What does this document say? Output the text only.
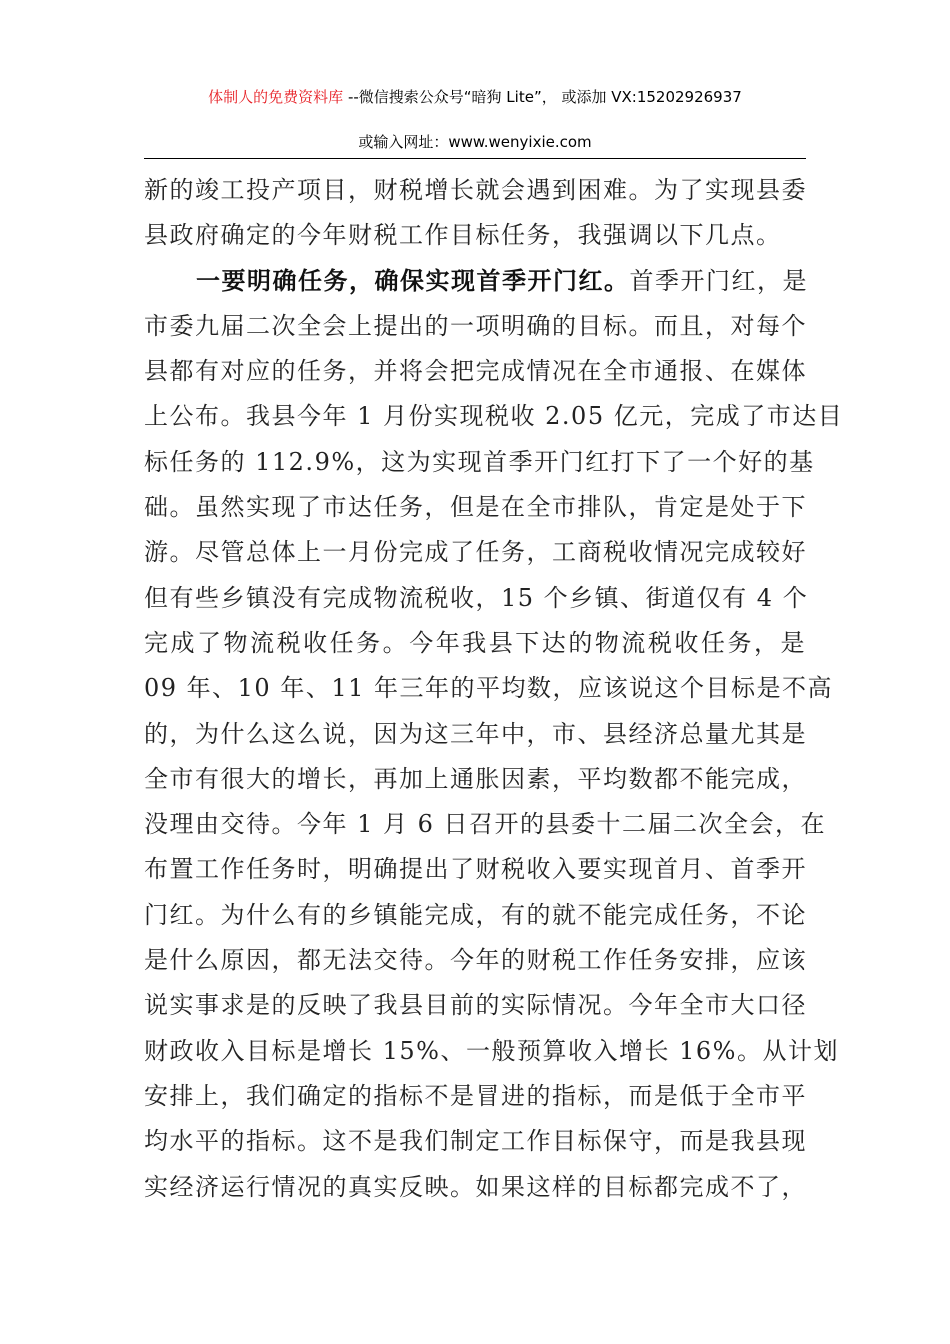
体制人的免费资料库 --微信搜索公众号“暗狗 Lite”， 或添加 VX:15202926937
或输入网址：www.wenyixie.com
新的竣工投产项目，财税增长就会遇到困难。为了实现县委
县政府确定的今年财税工作目标任务，我强调以下几点。
一要明确任务，确保实现首季开门红。首季开门红，是
市委九届二次全会上提出的一项明确的目标。而且，对每个
县都有对应的任务，并将会把完成情况在全市通报、在媒体
上公布。我县今年 1 月份实现税收 2.05 亿元，完成了市达目
标任务的 112.9%，这为实现首季开门红打下了一个好的基
础。虽然实现了市达任务，但是在全市排队，肯定是处于下
游。尽管总体上一月份完成了任务，工商税收情况完成较好
但有些乡镇没有完成物流税收，15 个乡镇、街道仅有 4 个
完成了物流税收任务。今年我县下达的物流税收任务，是
09 年、10 年、11 年三年的平均数，应该说这个目标是不高
的，为什么这么说，因为这三年中，市、县经济总量尤其是
全市有很大的增长，再加上通胀因素，平均数都不能完成，
没理由交待。今年 1 月 6 日召开的县委十二届二次全会，在
布置工作任务时，明确提出了财税收入要实现首月、首季开
门红。为什么有的乡镇能完成，有的就不能完成任务，不论
是什么原因，都无法交待。今年的财税工作任务安排，应该
说实事求是的反映了我县目前的实际情况。今年全市大口径
财政收入目标是增长 15%、一般预算收入增长 16%。从计划
安排上，我们确定的指标不是冒进的指标，而是低于全市平
均水平的指标。这不是我们制定工作目标保守，而是我县现
实经济运行情况的真实反映。如果这样的目标都完成不了，
